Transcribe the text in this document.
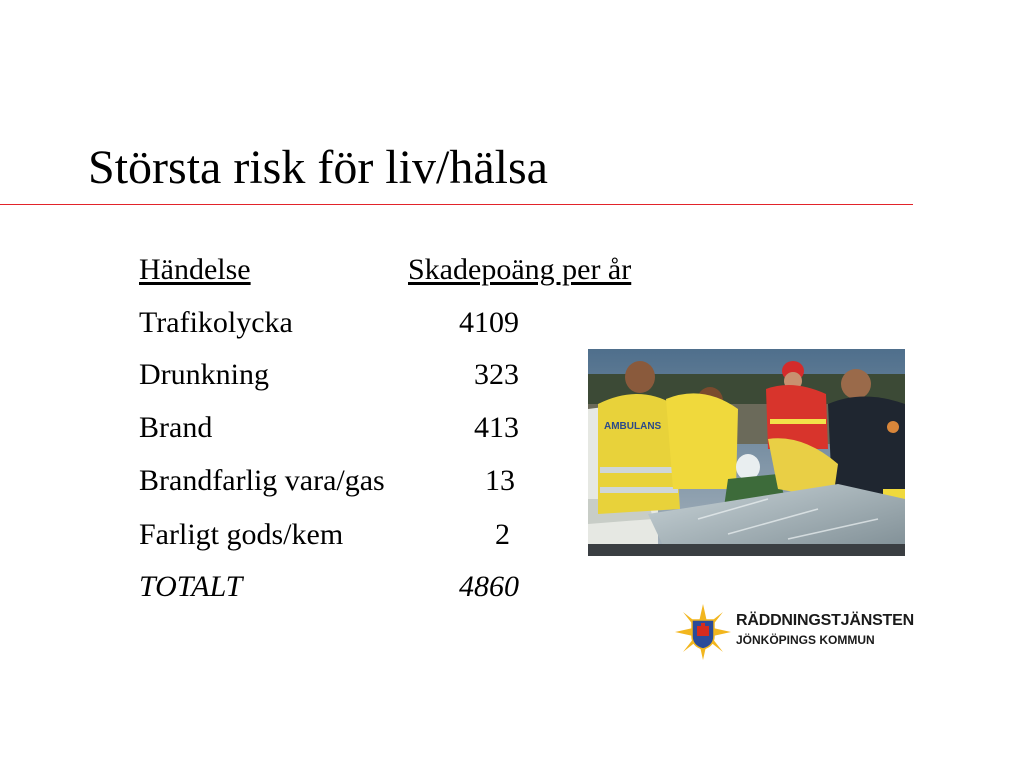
Största risk för liv/hälsa
Händelse	Skadepoäng per år
Trafikolycka	4109
Drunkning	323
Brand	413
Brandfarlig vara/gas	13
Farligt gods/kem	2
TOTALT	4860
AMBULANS
RÄDDNINGSTJÄNSTEN
JÖNKÖPINGS KOMMUN
